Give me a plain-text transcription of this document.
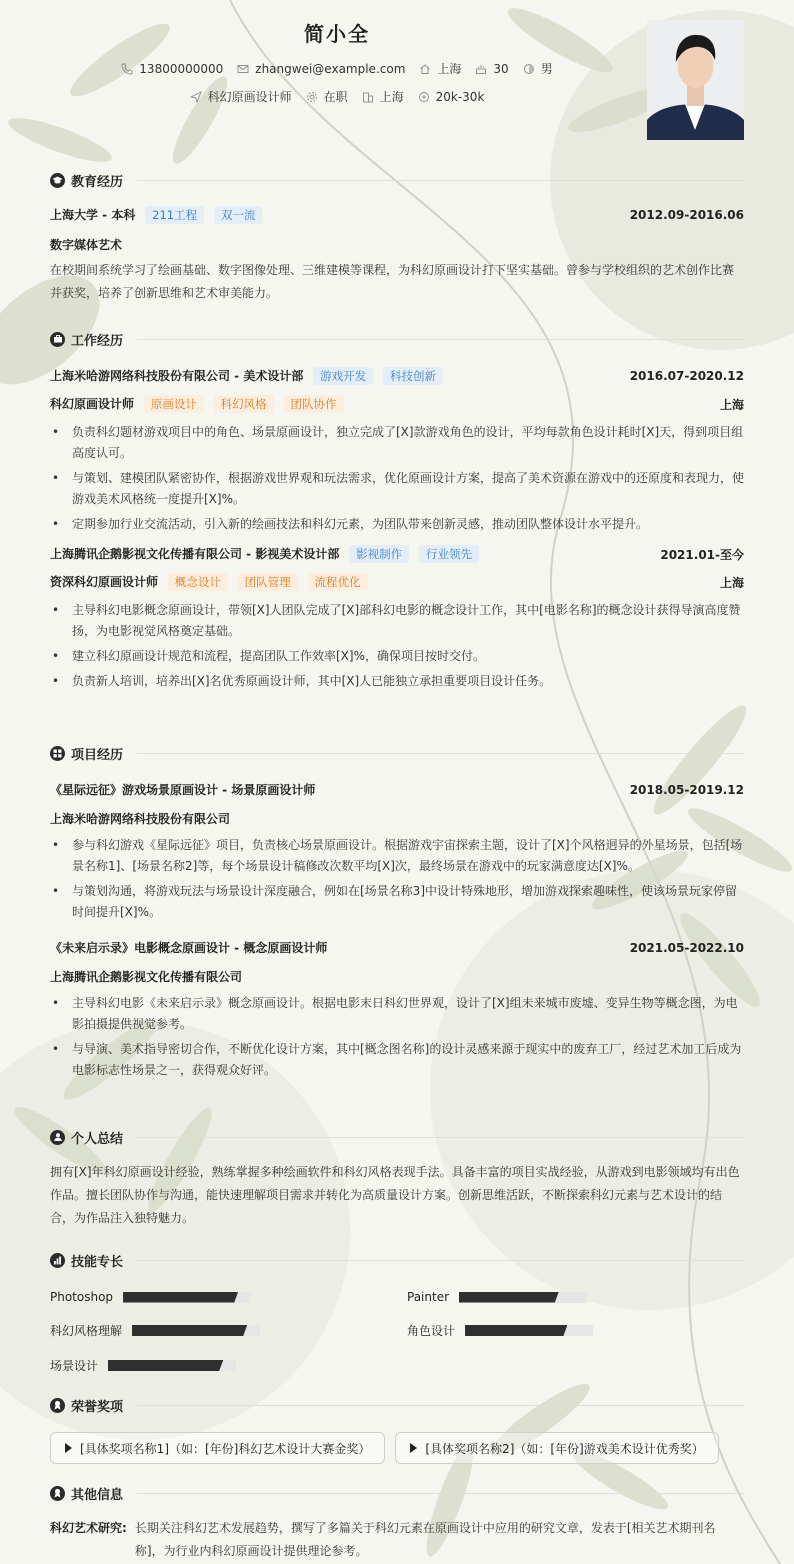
简小全
13800000000	zhangwei@example.com	上海	30	男
科幻原画设计师	在职	上海	20k-30k
教育经历
上海大学 - 本科 211工程 双一流	2012.09-2016.06
数字媒体艺术
在校期间系统学习了绘画基础、数字图像处理、三维建模等课程，为科幻原画设计打下坚实基础。曾参与学校组织的艺术创作比赛并获奖，培养了创新思维和艺术审美能力。
工作经历
上海米哈游网络科技股份有限公司 - 美术设计部 游戏开发 科技创新	2016.07-2020.12
科幻原画设计师 原画设计 科幻风格 团队协作	上海
• 负责科幻题材游戏项目中的角色、场景原画设计，独立完成了[X]款游戏角色的设计，平均每款角色设计耗时[X]天，得到项目组高度认可。
• 与策划、建模团队紧密协作，根据游戏世界观和玩法需求，优化原画设计方案，提高了美术资源在游戏中的还原度和表现力，使游戏美术风格统一度提升[X]%。
• 定期参加行业交流活动，引入新的绘画技法和科幻元素，为团队带来创新灵感，推动团队整体设计水平提升。
上海腾讯企鹅影视文化传播有限公司 - 影视美术设计部 影视制作 行业领先	2021.01-至今
资深科幻原画设计师 概念设计 团队管理 流程优化	上海
• 主导科幻电影概念原画设计，带领[X]人团队完成了[X]部科幻电影的概念设计工作，其中[电影名称]的概念设计获得导演高度赞扬，为电影视觉风格奠定基础。
• 建立科幻原画设计规范和流程，提高团队工作效率[X]%，确保项目按时交付。
• 负责新人培训，培养出[X]名优秀原画设计师，其中[X]人已能独立承担重要项目设计任务。
项目经历
《星际远征》游戏场景原画设计 - 场景原画设计师	2018.05-2019.12
上海米哈游网络科技股份有限公司
• 参与科幻游戏《星际远征》项目，负责核心场景原画设计。根据游戏宇宙探索主题，设计了[X]个风格迥异的外星场景，包括[场景名称1]、[场景名称2]等，每个场景设计稿修改次数平均[X]次，最终场景在游戏中的玩家满意度达[X]%。
• 与策划沟通，将游戏玩法与场景设计深度融合，例如在[场景名称3]中设计特殊地形，增加游戏探索趣味性，使该场景玩家停留时间提升[X]%。
《未来启示录》电影概念原画设计 - 概念原画设计师	2021.05-2022.10
上海腾讯企鹅影视文化传播有限公司
• 主导科幻电影《未来启示录》概念原画设计。根据电影末日科幻世界观，设计了[X]组未来城市废墟、变异生物等概念图，为电影拍摄提供视觉参考。
• 与导演、美术指导密切合作，不断优化设计方案，其中[概念图名称]的设计灵感来源于现实中的废弃工厂，经过艺术加工后成为电影标志性场景之一，获得观众好评。
个人总结
拥有[X]年科幻原画设计经验，熟练掌握多种绘画软件和科幻风格表现手法。具备丰富的项目实战经验，从游戏到电影领域均有出色作品。擅长团队协作与沟通，能快速理解项目需求并转化为高质量设计方案。创新思维活跃，不断探索科幻元素与艺术设计的结合，为作品注入独特魅力。
技能专长
Photoshop	Painter
科幻风格理解	角色设计
场景设计
荣誉奖项
[具体奖项名称1]（如：[年份]科幻艺术设计大赛金奖）	[具体奖项名称2]（如：[年份]游戏美术设计优秀奖）
其他信息
科幻艺术研究: 长期关注科幻艺术发展趋势，撰写了多篇关于科幻元素在原画设计中应用的研究文章，发表于[相关艺术期刊名称]，为行业内科幻原画设计提供理论参考。
